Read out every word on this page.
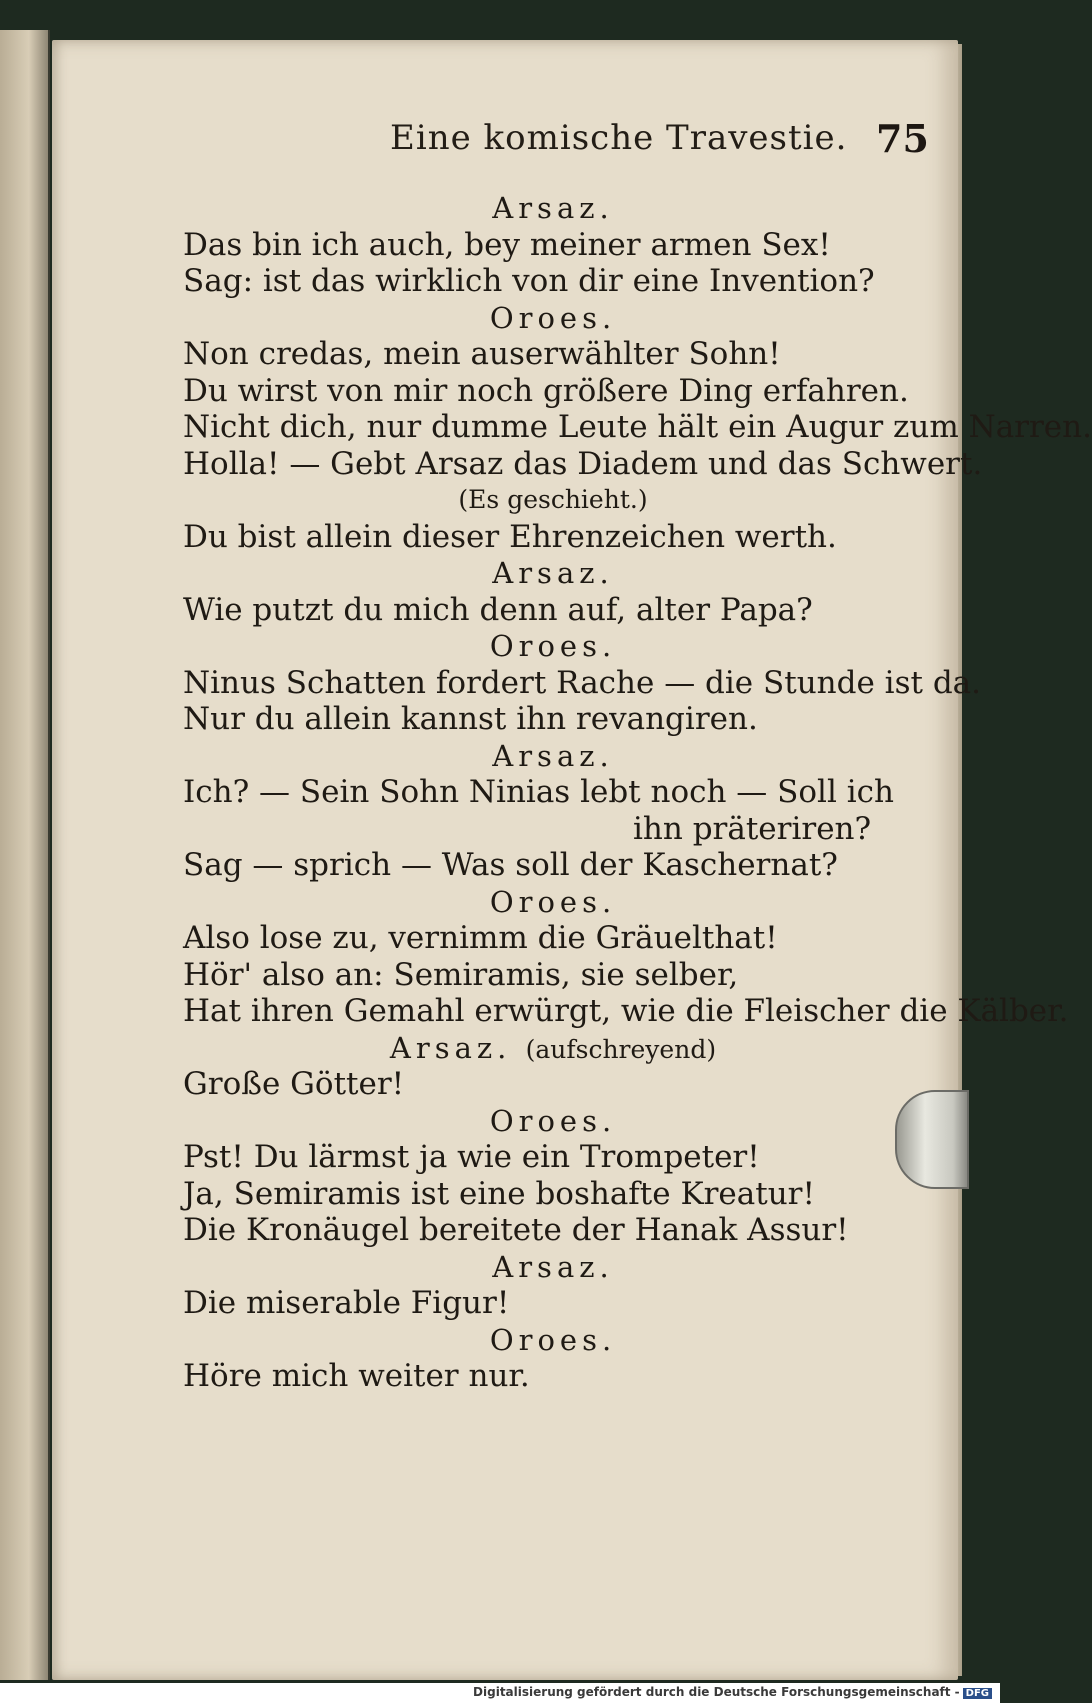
Eine komische Travestie. 75
Arsaz.
Das bin ich auch, bey meiner armen Sex!
Sag: ist das wirklich von dir eine Invention?
Oroes.
Non credas, mein auserwählter Sohn!
Du wirst von mir noch größere Ding erfahren.
Nicht dich, nur dumme Leute hält ein Augur zum Narren.
Holla! — Gebt Arsaz das Diadem und das Schwert.
(Es geschieht.)
Du bist allein dieser Ehrenzeichen werth.
Arsaz.
Wie putzt du mich denn auf, alter Papa?
Oroes.
Ninus Schatten fordert Rache — die Stunde ist da.
Nur du allein kannst ihn revangiren.
Arsaz.
Ich? — Sein Sohn Ninias lebt noch — Soll ich
ihn präteriren?
Sag — sprich — Was soll der Kaschernat?
Oroes.
Also lose zu, vernimm die Gräuelthat!
Hör' also an: Semiramis, sie selber,
Hat ihren Gemahl erwürgt, wie die Fleischer die Kälber.
Arsaz. (aufschreyend)
Große Götter!
Oroes.
Pst! Du lärmst ja wie ein Trompeter!
Ja, Semiramis ist eine boshafte Kreatur!
Die Kronäugel bereitete der Hanak Assur!
Arsaz.
Die miserable Figur!
Oroes.
Höre mich weiter nur.
Digitalisierung gefördert durch die Deutsche Forschungsgemeinschaft - DFG
